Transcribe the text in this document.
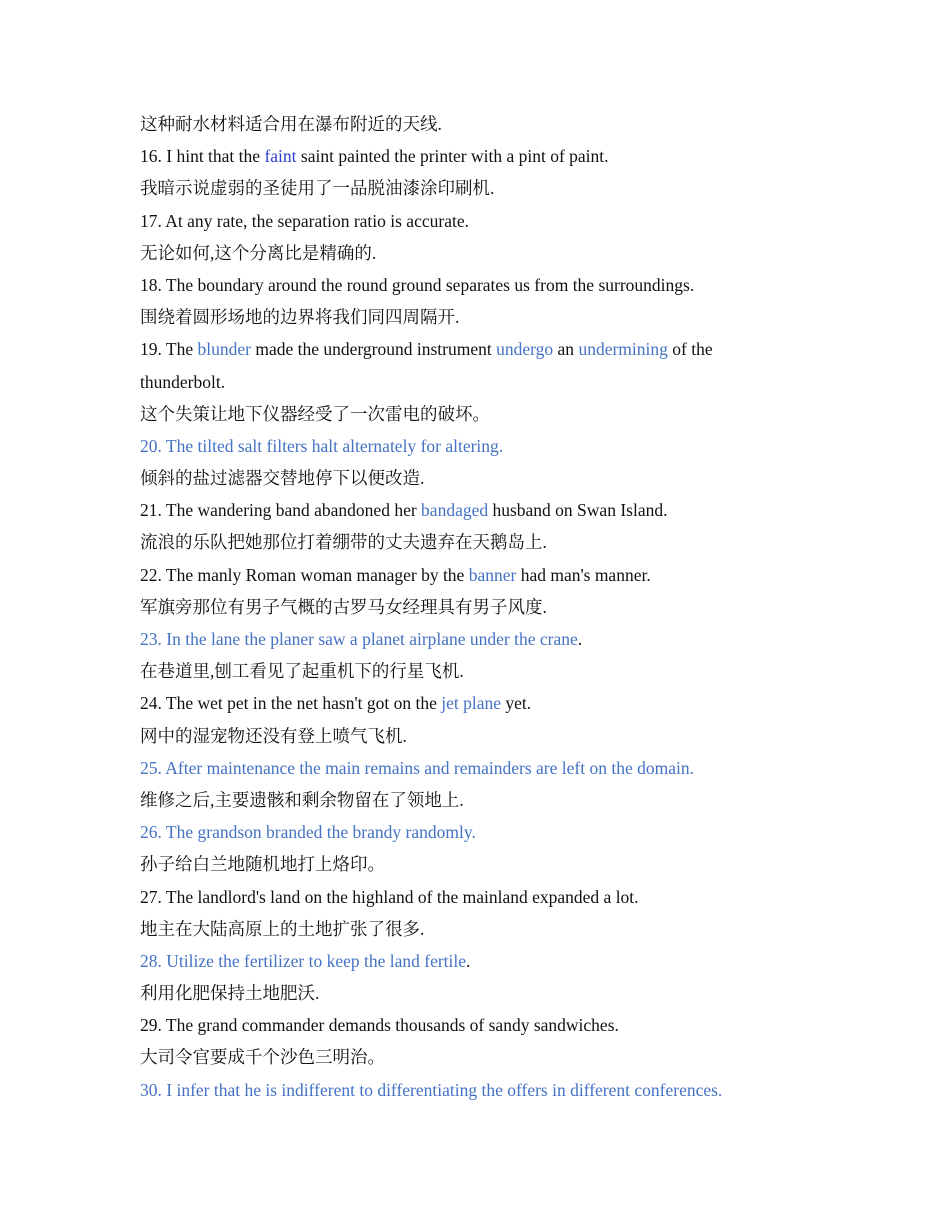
这种耐水材料适合用在瀑布附近的天线.
16. I hint that the faint saint painted the printer with a pint of paint.
我暗示说虚弱的圣徒用了一品脱油漆涂印刷机.
17. At any rate, the separation ratio is accurate.
无论如何,这个分离比是精确的.
18. The boundary around the round ground separates us from the surroundings.
围绕着圆形场地的边界将我们同四周隔开.
19. The blunder made the underground instrument undergo an undermining of the
thunderbolt.
这个失策让地下仪器经受了一次雷电的破坏。
20. The tilted salt filters halt alternately for altering.
倾斜的盐过滤器交替地停下以便改造.
21. The wandering band abandoned her bandaged husband on Swan Island.
流浪的乐队把她那位打着绷带的丈夫遗弃在天鹅岛上.
22. The manly Roman woman manager by the banner had man's manner.
军旗旁那位有男子气概的古罗马女经理具有男子风度.
23. In the lane the planer saw a planet airplane under the crane.
在巷道里,刨工看见了起重机下的行星飞机.
24. The wet pet in the net hasn't got on the jet plane yet.
网中的湿宠物还没有登上喷气飞机.
25. After maintenance the main remains and remainders are left on the domain.
维修之后,主要遗骸和剩余物留在了领地上.
26. The grandson branded the brandy randomly.
孙子给白兰地随机地打上烙印。
27. The landlord's land on the highland of the mainland expanded a lot.
地主在大陆高原上的土地扩张了很多.
28. Utilize the fertilizer to keep the land fertile.
利用化肥保持土地肥沃.
29. The grand commander demands thousands of sandy sandwiches.
大司令官要成千个沙色三明治。
30. I infer that he is indifferent to differentiating the offers in different conferences.
